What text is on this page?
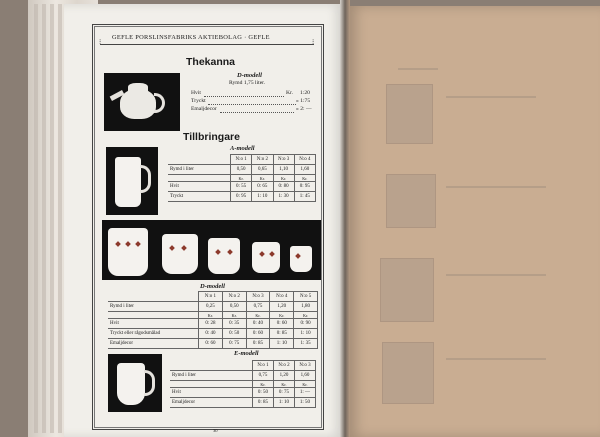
⁝	⁝
GEFLE PORSLINSFABRIKS AKTIEBOLAG · GEFLE
Thekanna
D-modell
Rymd 1,75 liter.
Hvit	Kr. 1:20
Tryckt	» 1:75
Emaljdecor	» 2: —
Tillbringare
A-modell
	N:o 1	N:o 2	N:o 3	N:o 4
Rymd i liter	0,50	0,65	1,10	1,60
	Kr.	Kr.	Kr.	Kr.
Hvit	0: 55	0: 65	0: 80	0: 95
Tryckt	0: 95	1: 10	1: 30	1: 45
D-modell
	N:o 1	N:o 2	N:o 3	N:o 4	N:o 5
Rymd i liter	0,25	0,50	0,75	1,20	1,80
	Kr.	Kr.	Kr.	Kr.	Kr.
Hvit	0: 28	0: 35	0: 40	0: 60	0: 90
Tryckt eller rågodsmålad	0: 40	0: 50	0: 60	0: 85	1: 10
Emaljdecor	0: 60	0: 75	0: 85	1: 10	1: 35
E-modell
	N:o 1	N:o 2	N:o 3
Rymd i liter	0,75	1,20	1,60
	Kr.	Kr.	Kr.
Hvit	0: 50	0: 75	1: —
Emaljdecor	0: 85	1: 10	1: 50
30
